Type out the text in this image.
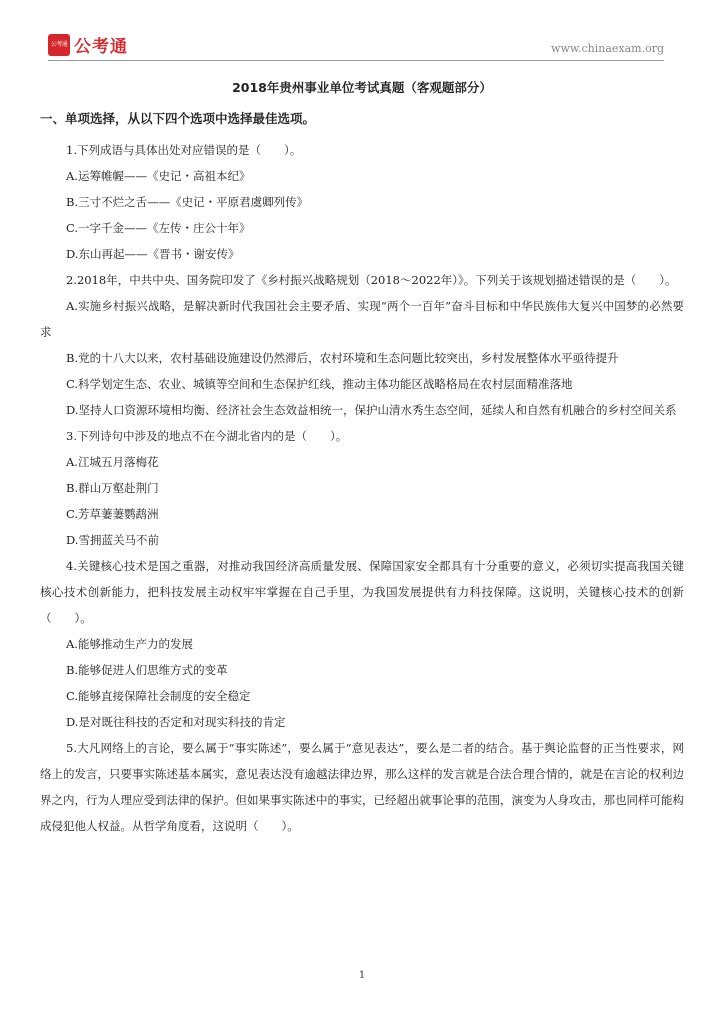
公考通 公考通	www.chinaexam.org
2018年贵州事业单位考试真题（客观题部分）
一、单项选择，从以下四个选项中选择最佳选项。

1.下列成语与具体出处对应错误的是（　　）。

A.运筹帷幄——《史记・高祖本纪》

B.三寸不烂之舌——《史记・平原君虞卿列传》

C.一字千金——《左传・庄公十年》

D.东山再起——《晋书・谢安传》

2.2018年，中共中央、国务院印发了《乡村振兴战略规划（2018～2022年）》。下列关于该规划描述错误的是（　　）。

A.实施乡村振兴战略，是解决新时代我国社会主要矛盾、实现“两个一百年”奋斗目标和中华民族伟大复兴中国梦的必然要求

B.党的十八大以来，农村基础设施建设仍然滞后，农村环境和生态问题比较突出，乡村发展整体水平亟待提升

C.科学划定生态、农业、城镇等空间和生态保护红线，推动主体功能区战略格局在农村层面精准落地

D.坚持人口资源环境相均衡、经济社会生态效益相统一，保护山清水秀生态空间，延续人和自然有机融合的乡村空间关系

3.下列诗句中涉及的地点不在今湖北省内的是（　　）。

A.江城五月落梅花

B.群山万壑赴荆门

C.芳草萋萋鹦鹉洲

D.雪拥蓝关马不前

4.关键核心技术是国之重器，对推动我国经济高质量发展、保障国家安全都具有十分重要的意义，必须切实提高我国关键核心技术创新能力，把科技发展主动权牢牢掌握在自己手里，为我国发展提供有力科技保障。这说明，关键核心技术的创新（　　）。

A.能够推动生产力的发展

B.能够促进人们思维方式的变革

C.能够直接保障社会制度的安全稳定

D.是对既往科技的否定和对现实科技的肯定

5.大凡网络上的言论，要么属于“事实陈述”，要么属于“意见表达”，要么是二者的结合。基于舆论监督的正当性要求，网络上的发言，只要事实陈述基本属实，意见表达没有逾越法律边界，那么这样的发言就是合法合理合情的，就是在言论的权利边界之内，行为人理应受到法律的保护。但如果事实陈述中的事实，已经超出就事论事的范围，演变为人身攻击，那也同样可能构成侵犯他人权益。从哲学角度看，这说明（　　）。

1
